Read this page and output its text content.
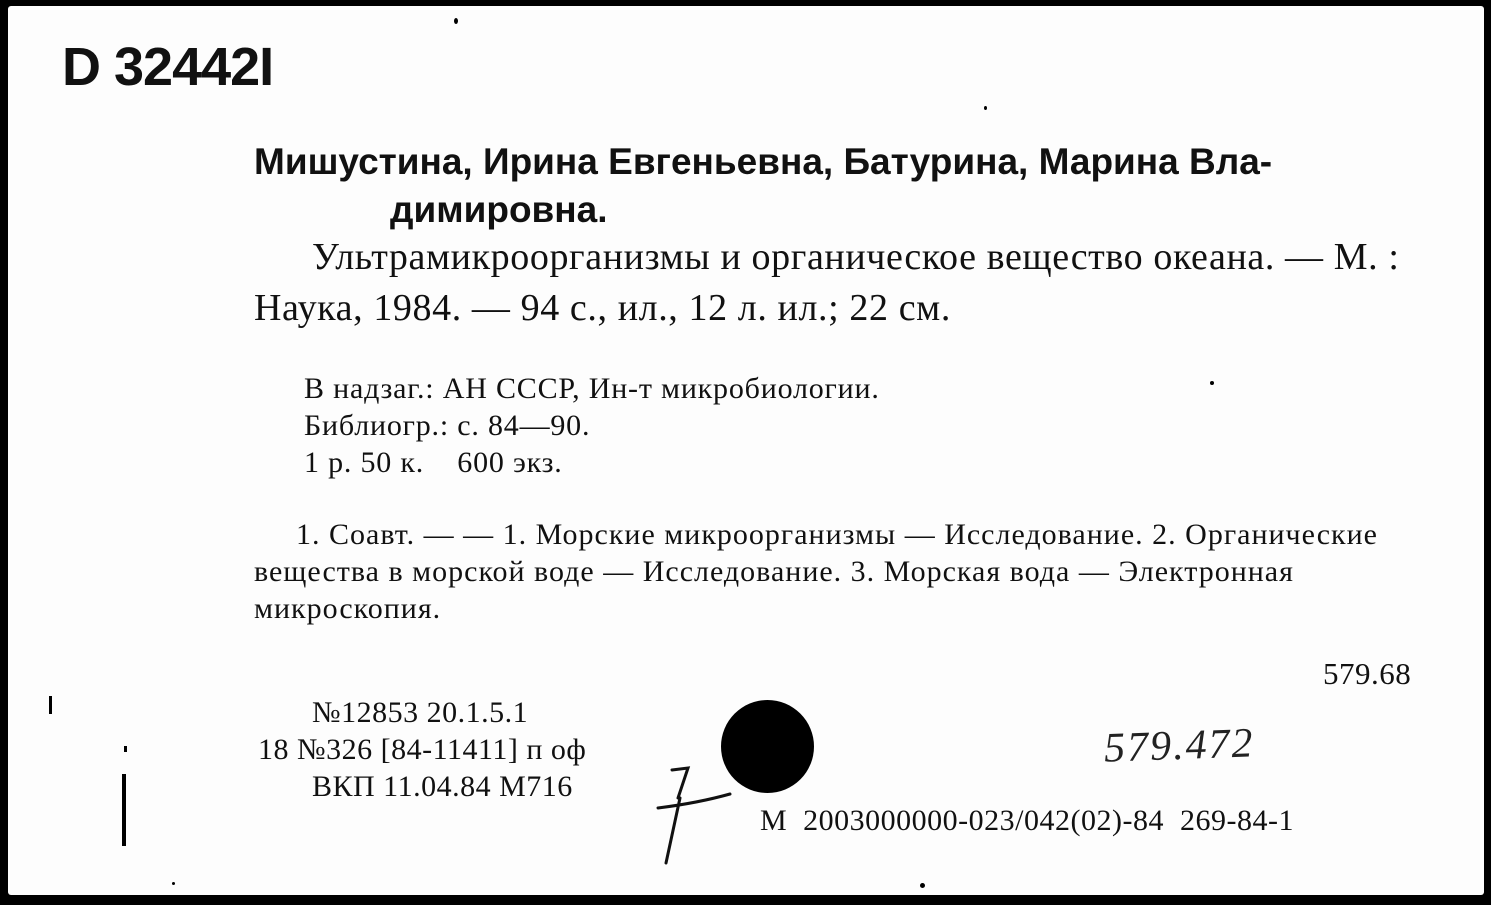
D 32442I
Мишустина, Ирина Евгеньевна, Батурина, Марина Вла-
димировна.

Ультрамикроорганизмы и органическое вещество океана. — М. : Наука, 1984. — 94 с., ил., 12 л. ил.; 22 см.

В надзаг.: АН СССР, Ин-т микробиологии.
Библиогр.: с. 84—90.
1 р. 50 к.    600 экз.

1. Соавт. — — 1. Морские микроорганизмы — Исследование. 2. Органические вещества в морской воде — Исследование. 3. Морская вода — Электронная микроскопия.

579.68
№12853 20.1.5.1
18 №326 [84-11411] п оф
ВКП 11.04.84 М716
М  2003000000-023/042(02)-84  269-84-1
579.472
